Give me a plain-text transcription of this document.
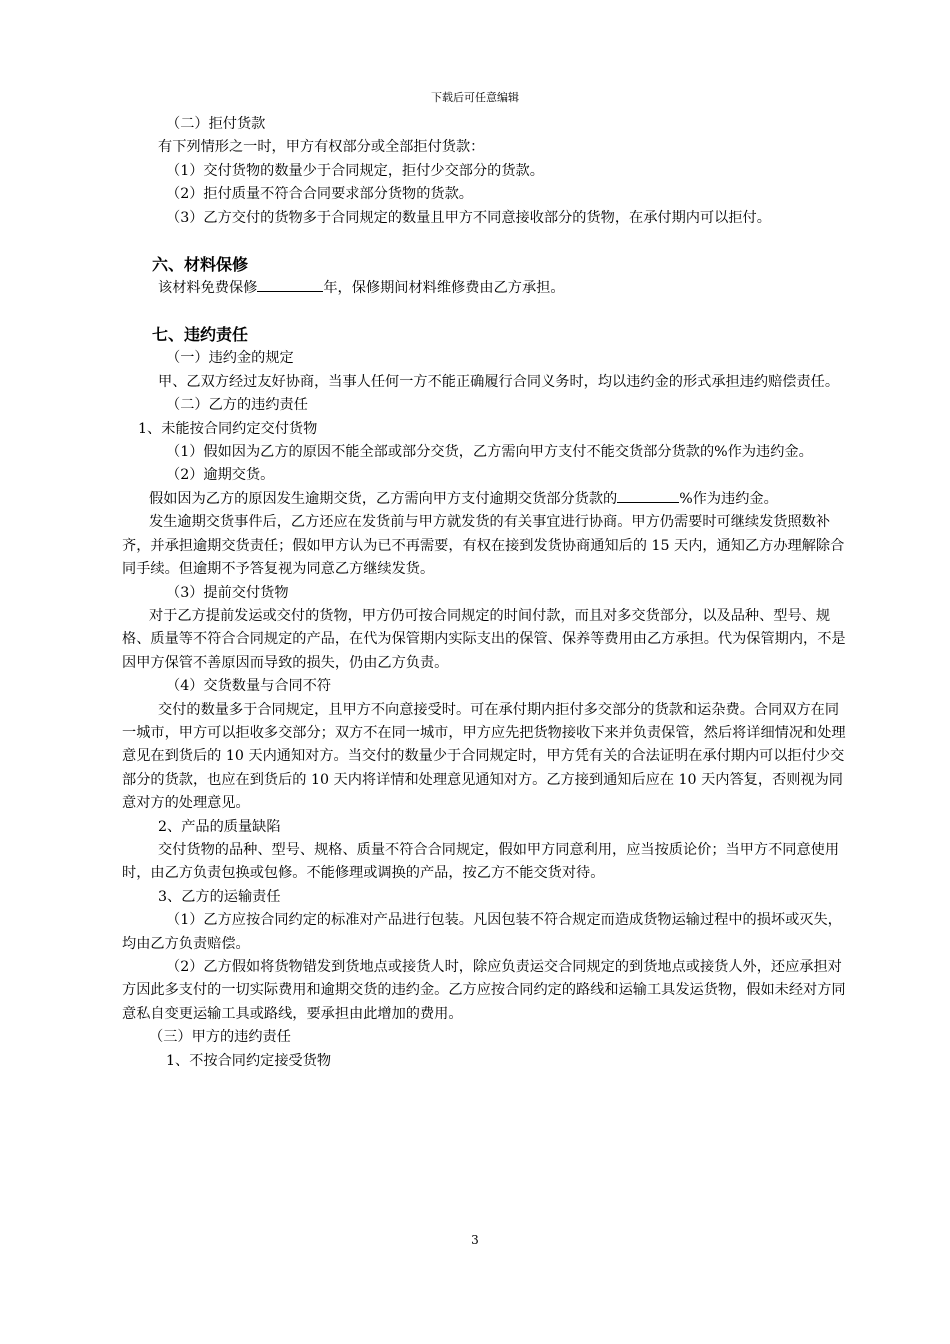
下载后可任意编辑

（二）拒付货款

有下列情形之一时，甲方有权部分或全部拒付货款：

（1）交付货物的数量少于合同规定，拒付少交部分的货款。

（2）拒付质量不符合合同要求部分货物的货款。

（3）乙方交付的货物多于合同规定的数量且甲方不同意接收部分的货物，在承付期内可以拒付。

六、材料保修

该材料免费保修	年，保修期间材料维修费由乙方承担。

七、违约责任

（一）违约金的规定

甲、乙双方经过友好协商，当事人任何一方不能正确履行合同义务时，均以违约金的形式承担违约赔偿责任。

（二）乙方的违约责任

1、未能按合同约定交付货物

（1）假如因为乙方的原因不能全部或部分交货，乙方需向甲方支付不能交货部分货款的%作为违约金。

（2）逾期交货。

假如因为乙方的原因发生逾期交货，乙方需向甲方支付逾期交货部分货款的	%作为违约金。

发生逾期交货事件后，乙方还应在发货前与甲方就发货的有关事宜进行协商。甲方仍需要时可继续发货照数补齐，并承担逾期交货责任；假如甲方认为已不再需要，有权在接到发货协商通知后的 15 天内，通知乙方办理解除合同手续。但逾期不予答复视为同意乙方继续发货。

（3）提前交付货物

对于乙方提前发运或交付的货物，甲方仍可按合同规定的时间付款，而且对多交货部分，以及品种、型号、规格、质量等不符合合同规定的产品，在代为保管期内实际支出的保管、保养等费用由乙方承担。代为保管期内，不是因甲方保管不善原因而导致的损失，仍由乙方负责。

（4）交货数量与合同不符

交付的数量多于合同规定，且甲方不向意接受时。可在承付期内拒付多交部分的货款和运杂费。合同双方在同一城市，甲方可以拒收多交部分；双方不在同一城市，甲方应先把货物接收下来并负责保管，然后将详细情况和处理意见在到货后的 10 天内通知对方。当交付的数量少于合同规定时，甲方凭有关的合法证明在承付期内可以拒付少交部分的货款，也应在到货后的 10 天内将详情和处理意见通知对方。乙方接到通知后应在 10 天内答复，否则视为同意对方的处理意见。

2、产品的质量缺陷

交付货物的品种、型号、规格、质量不符合合同规定，假如甲方同意利用，应当按质论价；当甲方不同意使用时，由乙方负责包换或包修。不能修理或调换的产品，按乙方不能交货对待。

3、乙方的运输责任

（1）乙方应按合同约定的标准对产品进行包装。凡因包装不符合规定而造成货物运输过程中的损坏或灭失，均由乙方负责赔偿。

（2）乙方假如将货物错发到货地点或接货人时，除应负责运交合同规定的到货地点或接货人外，还应承担对方因此多支付的一切实际费用和逾期交货的违约金。乙方应按合同约定的路线和运输工具发运货物，假如未经对方同意私自变更运输工具或路线，要承担由此增加的费用。

（三）甲方的违约责任

1、不按合同约定接受货物

3
